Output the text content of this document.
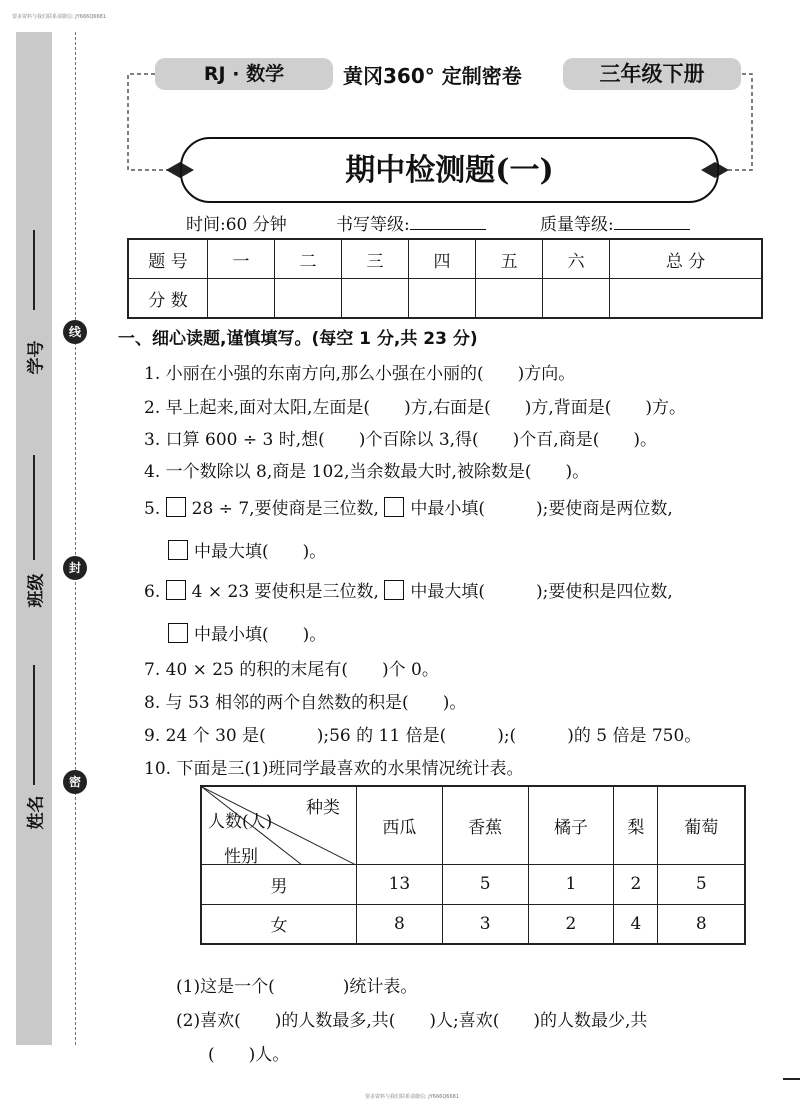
要多资料与我们联系请微信: JY666Q6681
要多资料与我们联系请微信: JY666Q6681
学号
班级
姓名
线
封
密
RJ · 数学	黄冈360° 定制密卷	三年级下册
期中检测题(一)
时间:60 分钟	书写等级:	质量等级:
题 号	一	二	三	四	五	六	总 分
分 数							
一、细心读题,谨慎填写。(每空 1 分,共 23 分)
1. 小丽在小强的东南方向,那么小强在小丽的(　　)方向。
2. 早上起来,面对太阳,左面是(　　)方,右面是(　　)方,背面是(　　)方。
3. 口算 600 ÷ 3 时,想(　　)个百除以 3,得(　　)个百,商是(　　)。
4. 一个数除以 8,商是 102,当余数最大时,被除数是(　　)。
5. 28 ÷ 7,要使商是三位数, 中最小填(　　　);要使商是两位数,
中最大填(　　)。
6. 4 × 23 要使积是三位数, 中最大填(　　　);要使积是四位数,
中最小填(　　)。
7. 40 × 25 的积的末尾有(　　)个 0。
8. 与 53 相邻的两个自然数的积是(　　)。
9. 24 个 30 是(　　　);56 的 11 倍是(　　　);(　　　)的 5 倍是 750。
10. 下面是三(1)班同学最喜欢的水果情况统计表。
种类
人数(人)
性别	西瓜	香蕉	橘子	梨	葡萄
男	13	5	1	2	5
女	8	3	2	4	8
(1)这是一个(　　　　)统计表。
(2)喜欢(　　)的人数最多,共(　　)人;喜欢(　　)的人数最少,共
(　　)人。
